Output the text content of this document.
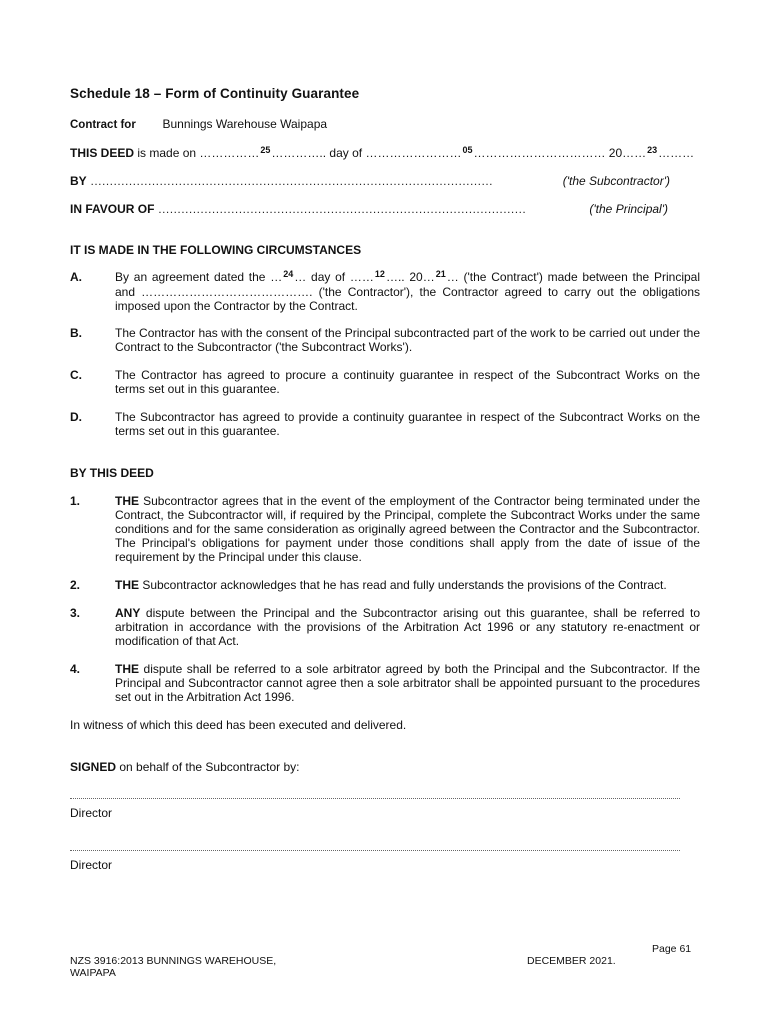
Schedule 18 – Form of Continuity Guarantee
Contract for Bunnings Warehouse Waipapa
THIS DEED is made on ……………$^{25}$………….. day of ……………………$^{05}$…………………………… 20……$^{23}$………
BY ……………………………………………………………………………………………	('the Subcontractor')
IN FAVOUR OF ……………………………………………………………………………………	('the Principal')
IT IS MADE IN THE FOLLOWING CIRCUMSTANCES
A.	By an agreement dated the …$^{24}$… day of ……$^{12}$….. 20…$^{21}$… ('the Contract') made between the Principal and ……………………………………. ('the Contractor'), the Contractor agreed to carry out the obligations imposed upon the Contractor by the Contract.
B.	The Contractor has with the consent of the Principal subcontracted part of the work to be carried out under the Contract to the Subcontractor ('the Subcontract Works').
C.	The Contractor has agreed to procure a continuity guarantee in respect of the Subcontract Works on the terms set out in this guarantee.
D.	The Subcontractor has agreed to provide a continuity guarantee in respect of the Subcontract Works on the terms set out in this guarantee.
BY THIS DEED
1.	THE Subcontractor agrees that in the event of the employment of the Contractor being terminated under the Contract, the Subcontractor will, if required by the Principal, complete the Subcontract Works under the same conditions and for the same consideration as originally agreed between the Contractor and the Subcontractor. The Principal's obligations for payment under those conditions shall apply from the date of issue of the requirement by the Principal under this clause.
2.	THE Subcontractor acknowledges that he has read and fully understands the provisions of the Contract.
3.	ANY dispute between the Principal and the Subcontractor arising out this guarantee, shall be referred to arbitration in accordance with the provisions of the Arbitration Act 1996 or any statutory re-enactment or modification of that Act.
4.	THE dispute shall be referred to a sole arbitrator agreed by both the Principal and the Subcontractor. If the Principal and Subcontractor cannot agree then a sole arbitrator shall be appointed pursuant to the procedures set out in the Arbitration Act 1996.
In witness of which this deed has been executed and delivered.
SIGNED on behalf of the Subcontractor by:
Director
Director
Page 61
NZS 3916:2013 BUNNINGS WAREHOUSE,
WAIPAPA
DECEMBER 2021.
